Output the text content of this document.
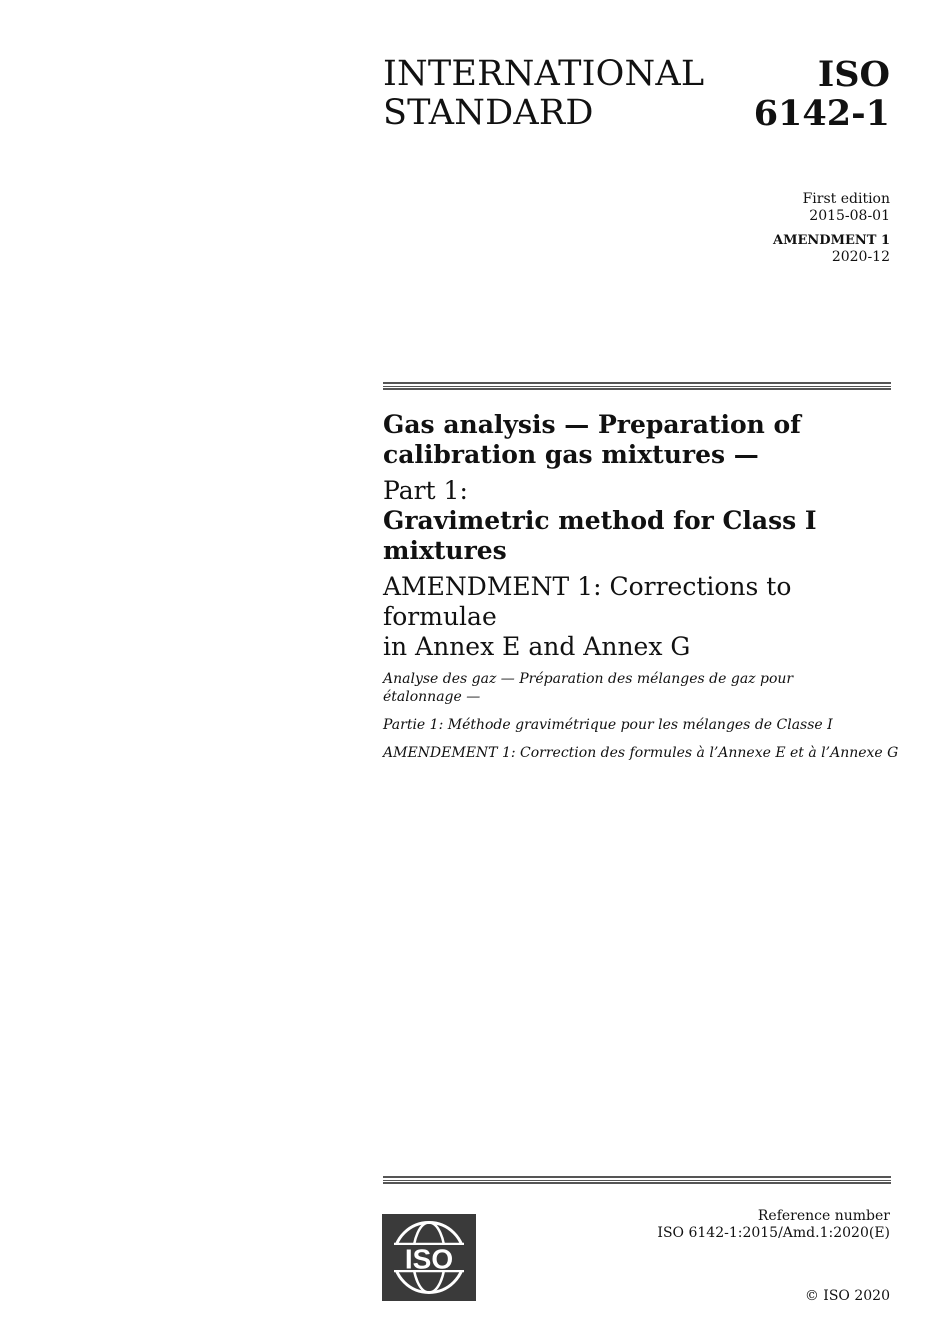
INTERNATIONAL
STANDARD
ISO
6142-1
First edition
2015-08-01
AMENDMENT 1
2020-12
Gas analysis — Preparation of
calibration gas mixtures —
Part 1:
Gravimetric method for Class I
mixtures
AMENDMENT 1: Corrections to formulae
in Annex E and Annex G

Analyse des gaz — Préparation des mélanges de gaz pour
étalonnage —

Partie 1: Méthode gravimétrique pour les mélanges de Classe I

AMENDEMENT 1: Correction des formules à l’Annexe E et à l’Annexe G

ISO
Reference number
ISO 6142-1:2015/Amd.1:2020(E)
© ISO 2020
